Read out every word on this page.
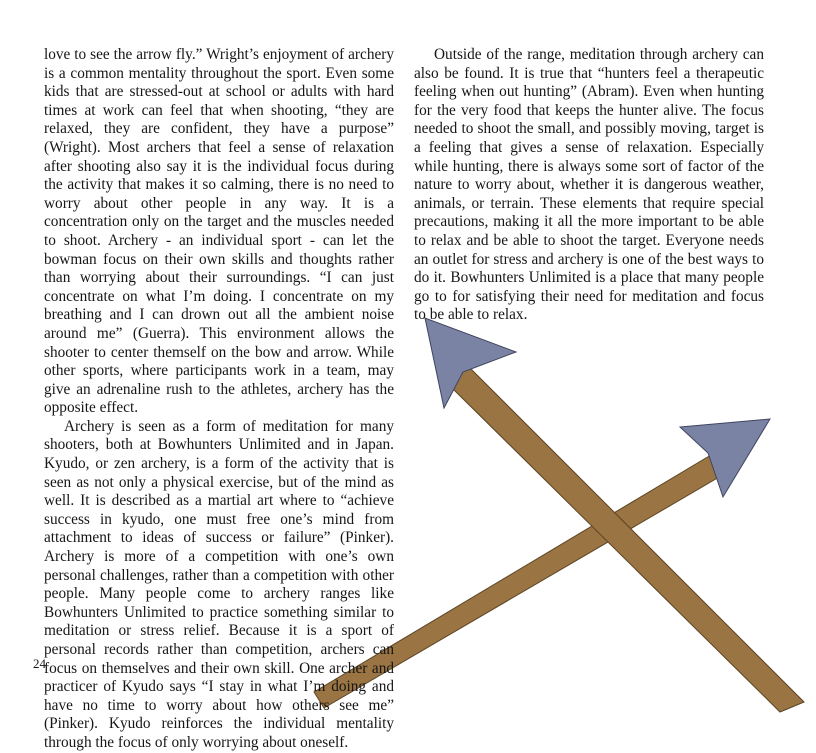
love to see the arrow fly.” Wright’s enjoyment of archery is a common mentality throughout the sport. Even some kids that are stressed-out at school or adults with hard times at work can feel that when shooting, “they are relaxed, they are confident, they have a purpose” (Wright). Most archers that feel a sense of relaxation after shooting also say it is the individual focus during the activity that makes it so calming, there is no need to worry about other people in any way. It is a concentration only on the target and the muscles needed to shoot. Archery - an individual sport - can let the bowman focus on their own skills and thoughts rather than worrying about their surroundings. “I can just concentrate on what I’m doing. I concentrate on my breathing and I can drown out all the ambient noise around me” (Guerra). This environment allows the shooter to center themself on the bow and arrow. While other sports, where participants work in a team, may give an adrenaline rush to the athletes, archery has the opposite effect.

Archery is seen as a form of meditation for many shooters, both at Bowhunters Unlimited and in Japan. Kyudo, or zen archery, is a form of the activity that is seen as not only a physical exercise, but of the mind as well. It is described as a martial art where to “achieve success in kyudo, one must free one’s mind from attachment to ideas of success or failure” (Pinker). Archery is more of a competition with one’s own personal challenges, rather than a competition with other people. Many people come to archery ranges like Bowhunters Unlimited to practice something similar to meditation or stress relief. Because it is a sport of personal records rather than competition, archers can focus on themselves and their own skill. One archer and practicer of Kyudo says “I stay in what I’m doing and have no time to worry about how others see me” (Pinker). Kyudo reinforces the individual mentality through the focus of only worrying about oneself.

Outside of the range, meditation through archery can also be found. It is true that “hunters feel a therapeutic feeling when out hunting” (Abram). Even when hunting for the very food that keeps the hunter alive. The focus needed to shoot the small, and possibly moving, target is a feeling that gives a sense of relaxation. Especially while hunting, there is always some sort of factor of the nature to worry about, whether it is dangerous weather, animals, or terrain. These elements that require special precautions, making it all the more important to be able to relax and be able to shoot the target. Everyone needs an outlet for stress and archery is one of the best ways to do it. Bowhunters Unlimited is a place that many people go to for satisfying their need for meditation and focus to be able to relax.

24
